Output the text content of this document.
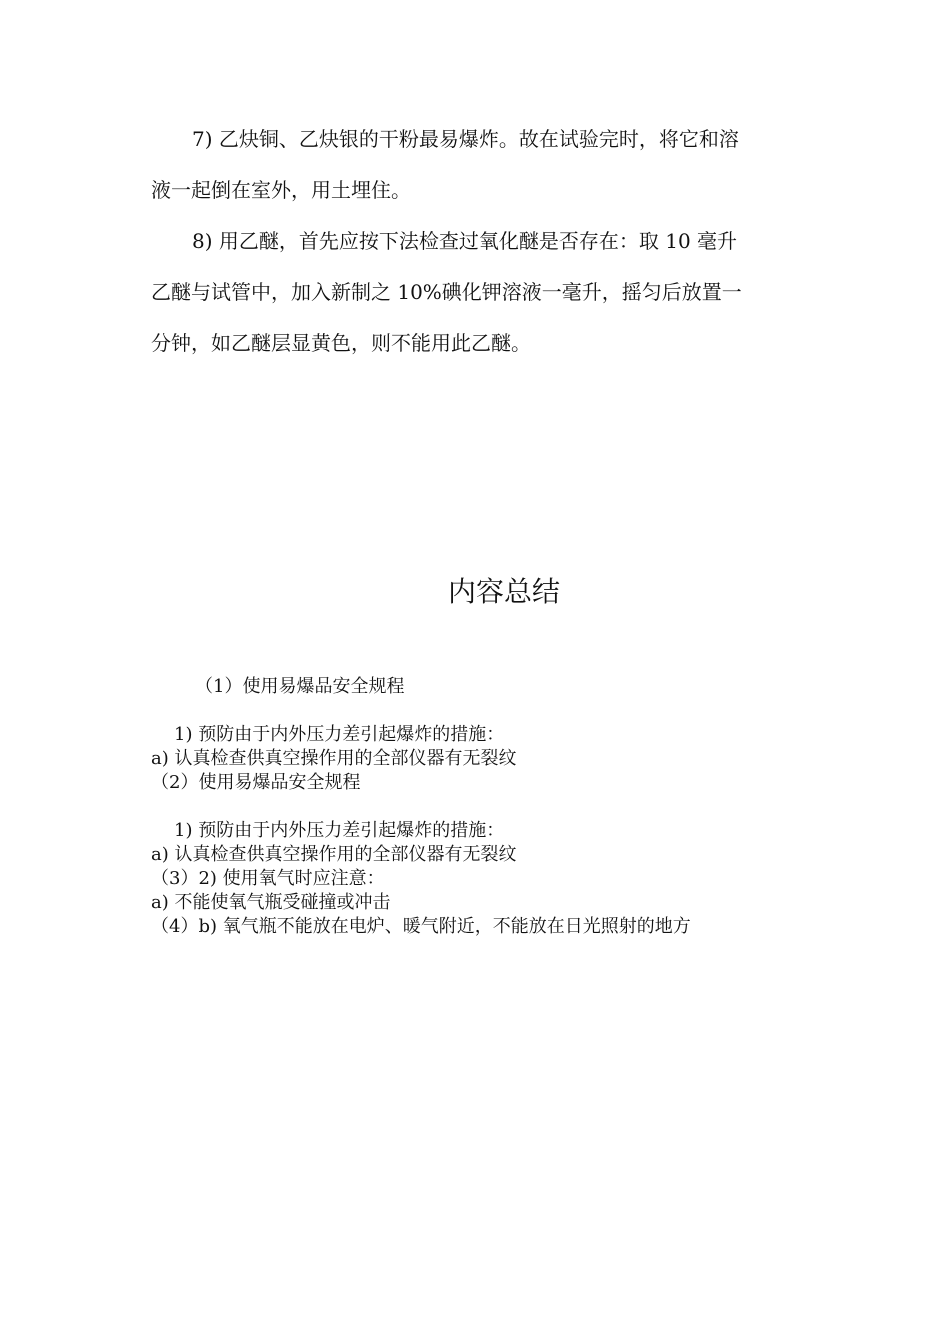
7) 乙炔铜、乙炔银的干粉最易爆炸。故在试验完时，将它和溶
液一起倒在室外，用土埋住。

8) 用乙醚，首先应按下法检查过氧化醚是否存在：取 10 毫升
乙醚与试管中，加入新制之 10%碘化钾溶液一毫升，摇匀后放置一
分钟，如乙醚层显黄色，则不能用此乙醚。

内容总结
（1）使用易爆品安全规程
1) 预防由于内外压力差引起爆炸的措施：
a) 认真检查供真空操作用的全部仪器有无裂纹
（2）使用易爆品安全规程
1) 预防由于内外压力差引起爆炸的措施：
a) 认真检查供真空操作用的全部仪器有无裂纹
（3）2) 使用氧气时应注意：
a) 不能使氧气瓶受碰撞或冲击
（4）b) 氧气瓶不能放在电炉、暖气附近，不能放在日光照射的地方
